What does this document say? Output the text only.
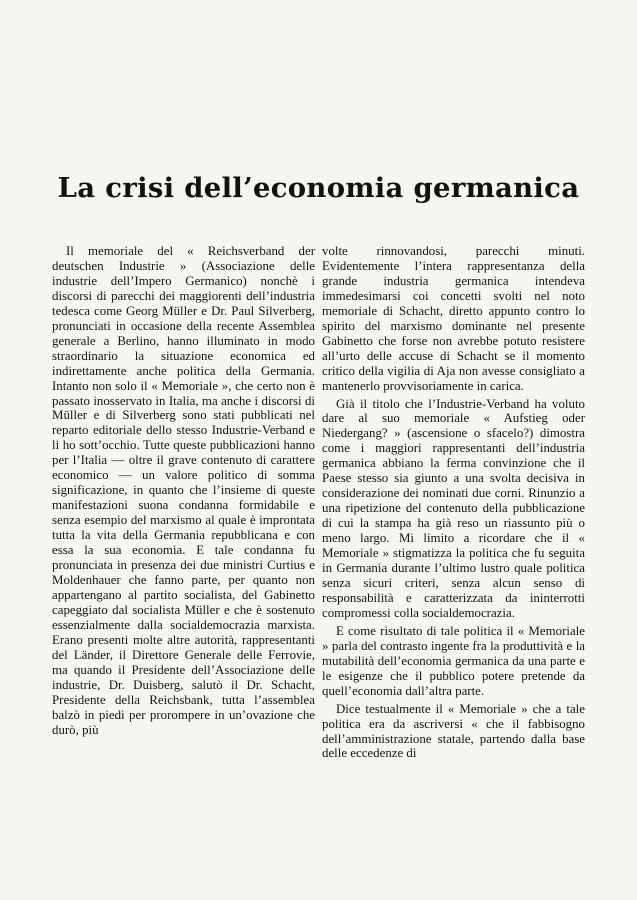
La crisi dell’economia germanica

Il memoriale del « Reichsverband der deutschen Industrie » (Associazione delle industrie dell’Impero Germanico) nonchè i discorsi di parecchi dei maggiorenti dell’industria tedesca come Georg Müller e Dr. Paul Silverberg, pronunciati in occasione della recente Assemblea generale a Berlino, hanno illuminato in modo straordinario la situazione economica ed indirettamente anche politica della Germania. Intanto non solo il « Memoriale », che certo non è passato inosservato in Italia, ma anche i discorsi di Müller e di Silverberg sono stati pubblicati nel reparto editoriale dello stesso Industrie-Verband e li ho sott’occhio. Tutte queste pubblicazioni hanno per l’Italia — oltre il grave contenuto di carattere economico — un valore politico di somma significazione, in quanto che l’insieme di queste manifestazioni suona condanna formidabile e senza esempio del marxismo al quale è improntata tutta la vita della Germania repubblicana e con essa la sua economia. E tale condanna fu pronunciata in presenza dei due ministri Curtius e Moldenhauer che fanno parte, per quanto non appartengano al partito socialista, del Gabinetto capeggiato dal socialista Müller e che è sostenuto essenzialmente dalla socialdemocrazia marxista. Erano presenti molte altre autorità, rappresentanti del Länder, il Direttore Generale delle Ferrovie, ma quando il Presidente dell’Associazione delle industrie, Dr. Duisberg, salutò il Dr. Schacht, Presidente della Reichsbank, tutta l’assemblea balzò in piedi per prorompere in un’ovazione che durò, più

volte rinnovandosi, parecchi minuti. Evidentemente l’intera rappresentanza della grande industria germanica intendeva immedesimarsi coi concetti svolti nel noto memoriale di Schacht, diretto appunto contro lo spirito del marxismo dominante nel presente Gabinetto che forse non avrebbe potuto resistere all’urto delle accuse di Schacht se il momento critico della vigilia di Aja non avesse consigliato a mantenerlo provvisoriamente in carica.

Già il titolo che l’Industrie-Verband ha voluto dare al suo memoriale « Aufstieg oder Niedergang? » (ascensione o sfacelo?) dimostra come i maggiori rappresentanti dell’industria germanica abbiano la ferma convinzione che il Paese stesso sia giunto a una svolta decisiva in considerazione dei nominati due corni. Rinunzio a una ripetizione del contenuto della pubblicazione di cui la stampa ha già reso un riassunto più o meno largo. Mi limito a ricordare che il « Memoriale » stigmatizza la politica che fu seguita in Germania durante l’ultimo lustro quale politica senza sicuri criteri, senza alcun senso di responsabilità e caratterizzata da ininterrotti compromessi colla socialdemocrazia.

E come risultato di tale politica il « Memoriale » parla del contrasto ingente fra la produttività e la mutabilità dell’economia germanica da una parte e le esigenze che il pubblico potere pretende da quell’economia dall’altra parte.

Dice testualmente il « Memoriale » che a tale politica era da ascriversi « che il fabbisogno dell’amministrazione statale, partendo dalla base delle eccedenze di
